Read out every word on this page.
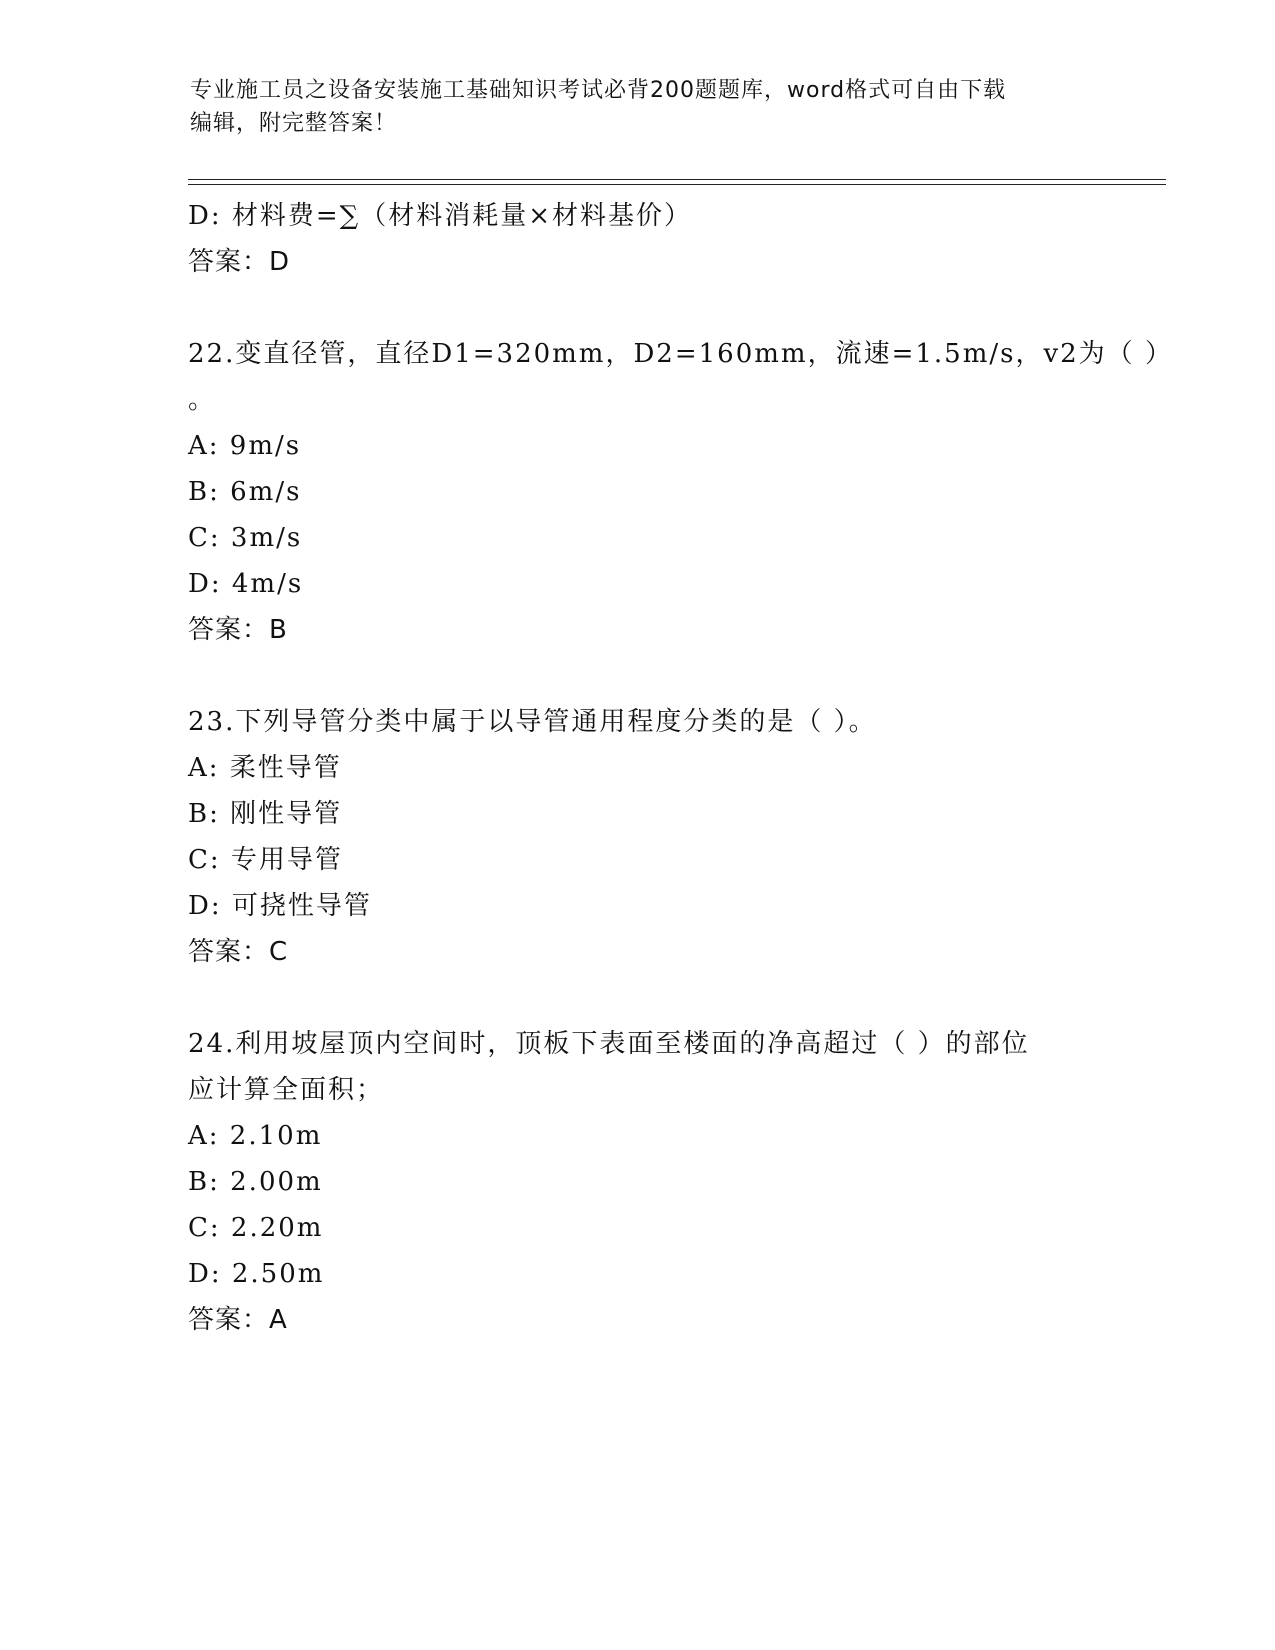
专业施工员之设备安装施工基础知识考试必背200题题库，word格式可自由下载
编辑，附完整答案！
D: 材料费=∑（材料消耗量×材料基价）
答案：D
22.变直径管，直径D1=320mm，D2=160mm，流速=1.5m/s，v2为（ ）
。
A: 9m/s
B: 6m/s
C: 3m/s
D: 4m/s
答案：B
23.下列导管分类中属于以导管通用程度分类的是（ ）。
A: 柔性导管
B: 刚性导管
C: 专用导管
D: 可挠性导管
答案：C
24.利用坡屋顶内空间时，顶板下表面至楼面的净高超过（ ）的部位
应计算全面积；
A: 2.10m
B: 2.00m
C: 2.20m
D: 2.50m
答案：A
